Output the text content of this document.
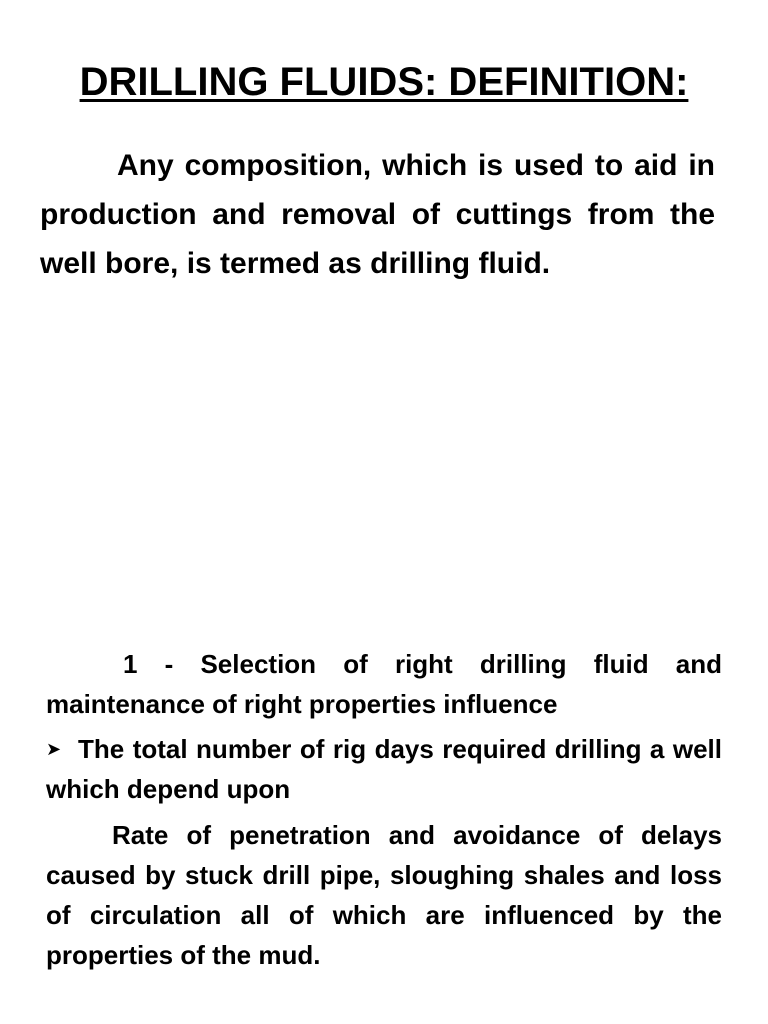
DRILLING FLUIDS: DEFINITION:

Any composition, which is used to aid in production and removal of cuttings from the well bore, is termed as drilling fluid.

1 - Selection of right drilling fluid and maintenance of right properties influence

➤ The total number of rig days required drilling a well which depend upon

Rate of penetration and avoidance of delays caused by stuck drill pipe, sloughing shales and loss of circulation all of which are influenced by the properties of the mud.
